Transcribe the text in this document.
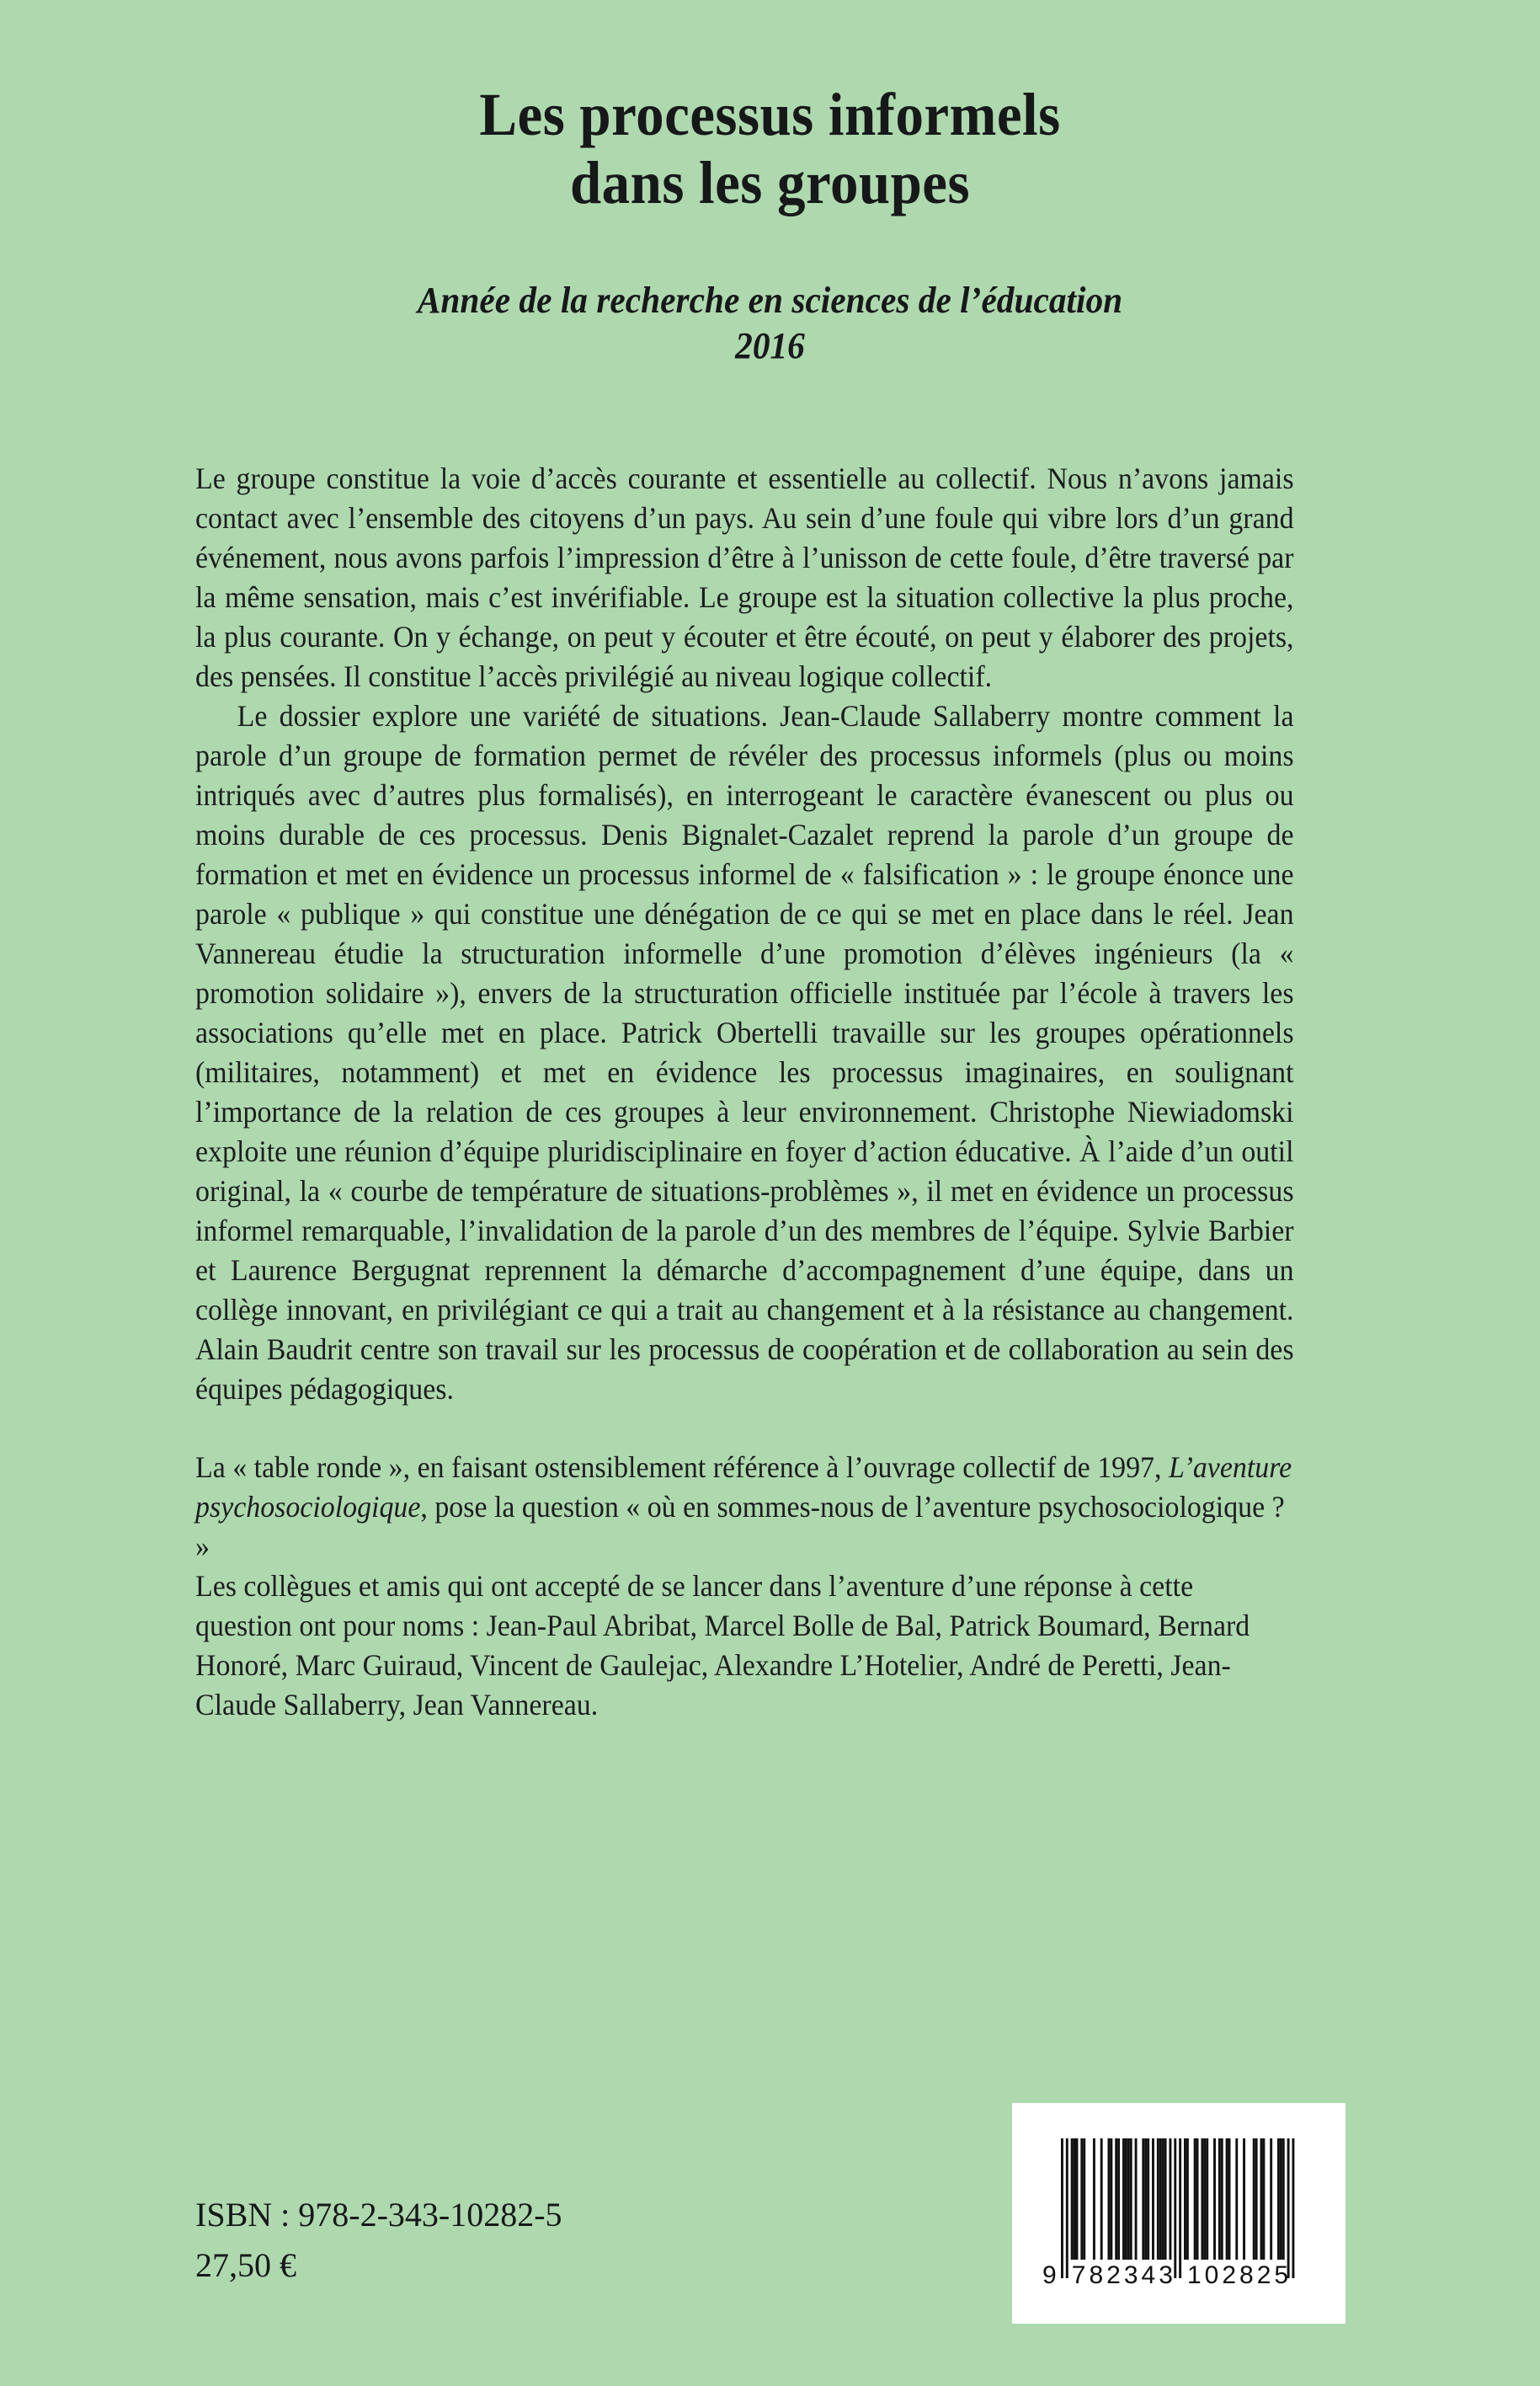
Les processus informels
dans les groupes
Année de la recherche en sciences de l’éducation
2016

Le groupe constitue la voie d’accès courante et essentielle au collectif. Nous n’avons jamais contact avec l’ensemble des citoyens d’un pays. Au sein d’une foule qui vibre lors d’un grand événement, nous avons parfois l’impression d’être à l’unisson de cette foule, d’être traversé par la même sensation, mais c’est invérifiable. Le groupe est la situation collective la plus proche, la plus courante. On y échange, on peut y écouter et être écouté, on peut y élaborer des projets, des pensées. Il constitue l’accès privilégié au niveau logique collectif.

Le dossier explore une variété de situations. Jean-Claude Sallaberry montre comment la parole d’un groupe de formation permet de révéler des processus informels (plus ou moins intriqués avec d’autres plus formalisés), en interrogeant le caractère évanescent ou plus ou moins durable de ces processus. Denis Bignalet-Cazalet reprend la parole d’un groupe de formation et met en évidence un processus informel de « falsification » : le groupe énonce une parole « publique » qui constitue une dénégation de ce qui se met en place dans le réel. Jean Vannereau étudie la structuration informelle d’une promotion d’élèves ingénieurs (la « promotion solidaire »), envers de la structuration officielle instituée par l’école à travers les associations qu’elle met en place. Patrick Obertelli travaille sur les groupes opérationnels (militaires, notamment) et met en évidence les processus imaginaires, en soulignant l’importance de la relation de ces groupes à leur environnement. Christophe Niewiadomski exploite une réunion d’équipe pluridisciplinaire en foyer d’action éducative. À l’aide d’un outil original, la « courbe de température de situations-problèmes », il met en évidence un processus informel remarquable, l’invalidation de la parole d’un des membres de l’équipe. Sylvie Barbier et Laurence Bergugnat reprennent la démarche d’accompagnement d’une équipe, dans un collège innovant, en privilégiant ce qui a trait au changement et à la résistance au changement. Alain Baudrit centre son travail sur les processus de coopération et de collaboration au sein des équipes pédagogiques.

La « table ronde », en faisant ostensiblement référence à l’ouvrage collectif de 1997, L’aventure psychosociologique, pose la question « où en sommes-nous de l’aventure psychosociologique ? »

Les collègues et amis qui ont accepté de se lancer dans l’aventure d’une réponse à cette question ont pour noms : Jean-Paul Abribat, Marcel Bolle de Bal, Patrick Boumard, Bernard Honoré, Marc Guiraud, Vincent de Gaulejac, Alexandre L’Hotelier, André de Peretti, Jean-Claude Sallaberry, Jean Vannereau.

ISBN : 978-2-343-10282-5
27,50 €	9 782343 102825
